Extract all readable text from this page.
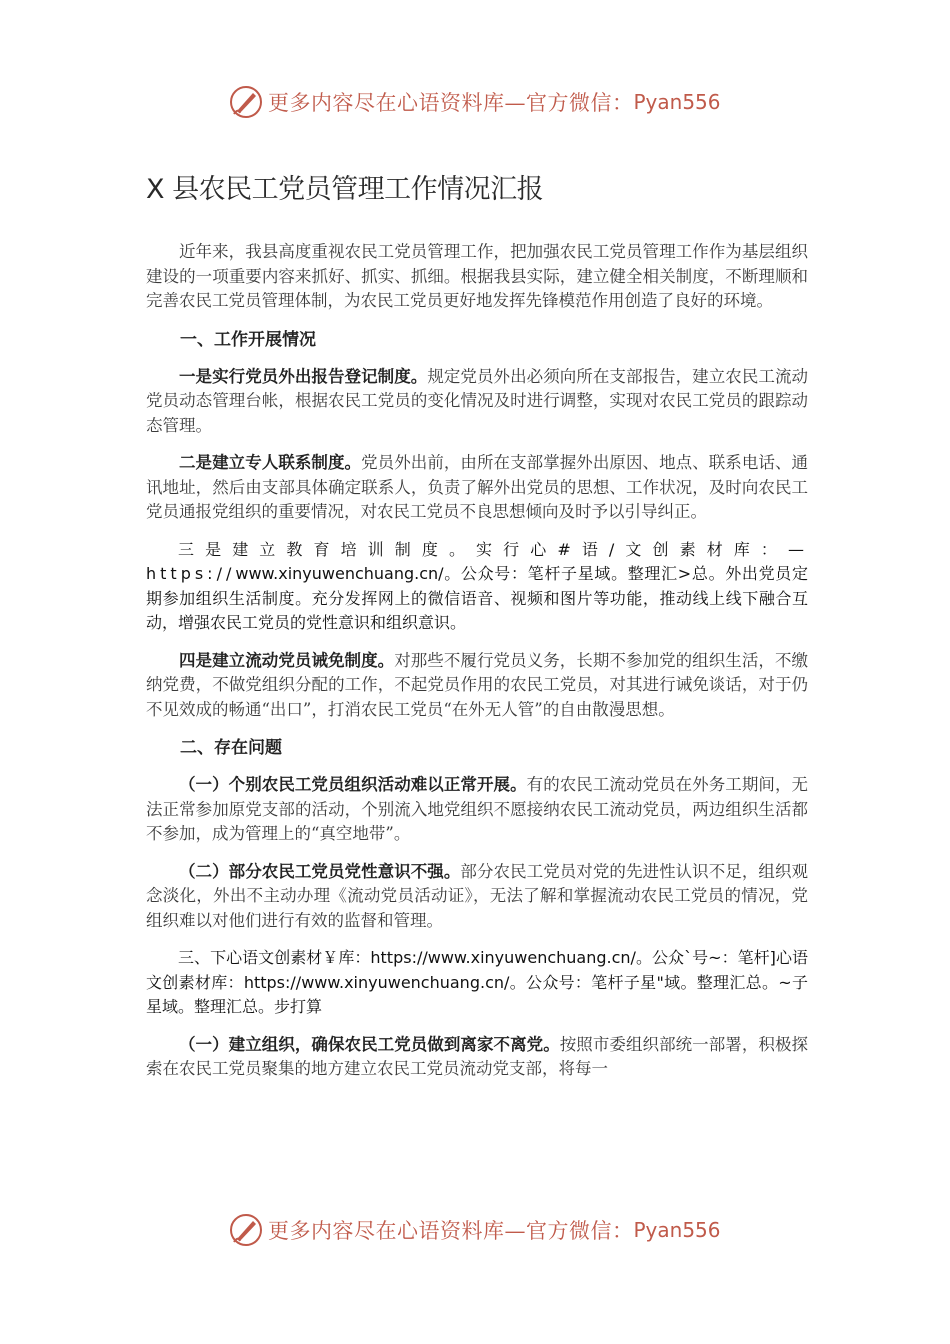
更多内容尽在心语资料库—官方微信： Pyan556
X 县农民工党员管理工作情况汇报

近年来，我县高度重视农民工党员管理工作，把加强农民工党员管理工作作为基层组织建设的一项重要内容来抓好、抓实、抓细。根据我县实际，建立健全相关制度，不断理顺和完善农民工党员管理体制，为农民工党员更好地发挥先锋模范作用创造了良好的环境。

一、工作开展情况

一是实行党员外出报告登记制度。规定党员外出必须向所在支部报告，建立农民工流动党员动态管理台帐，根据农民工党员的变化情况及时进行调整，实现对农民工党员的跟踪动态管理。

二是建立专人联系制度。党员外出前，由所在支部掌握外出原因、地点、联系电话、通讯地址，然后由支部具体确定联系人，负责了解外出党员的思想、工作状况，及时向农民工党员通报党组织的重要情况，对农民工党员不良思想倾向及时予以引导纠正。

三是建立教育培训制度。实行心#语/文创素材库：—https://www.xinyuwenchuang.cn/。公众号：笔杆子星域。整理汇>总。外出党员定期参加组织生活制度。充分发挥网上的微信语音、视频和图片等功能，推动线上线下融合互动，增强农民工党员的党性意识和组织意识。

四是建立流动党员诫免制度。对那些不履行党员义务，长期不参加党的组织生活，不缴纳党费，不做党组织分配的工作，不起党员作用的农民工党员，对其进行诫免谈话，对于仍不见效成的畅通“出口”，打消农民工党员“在外无人管”的自由散漫思想。

二、存在问题

（一）个别农民工党员组织活动难以正常开展。有的农民工流动党员在外务工期间，无法正常参加原党支部的活动，个别流入地党组织不愿接纳农民工流动党员，两边组织生活都不参加，成为管理上的“真空地带”。

（二）部分农民工党员党性意识不强。部分农民工党员对党的先进性认识不足，组织观念淡化，外出不主动办理《流动党员活动证》，无法了解和掌握流动农民工党员的情况，党组织难以对他们进行有效的监督和管理。

三、下心语文创素材￥库：https://www.xinyuwenchuang.cn/。公众`号~：笔杆]心语文创素材库：https://www.xinyuwenchuang.cn/。公众号：笔杆子星"域。整理汇总。~子星域。整理汇总。步打算

（一）建立组织，确保农民工党员做到离家不离党。按照市委组织部统一部署，积极探索在农民工党员聚集的地方建立农民工党员流动党支部，将每一

更多内容尽在心语资料库—官方微信： Pyan556
